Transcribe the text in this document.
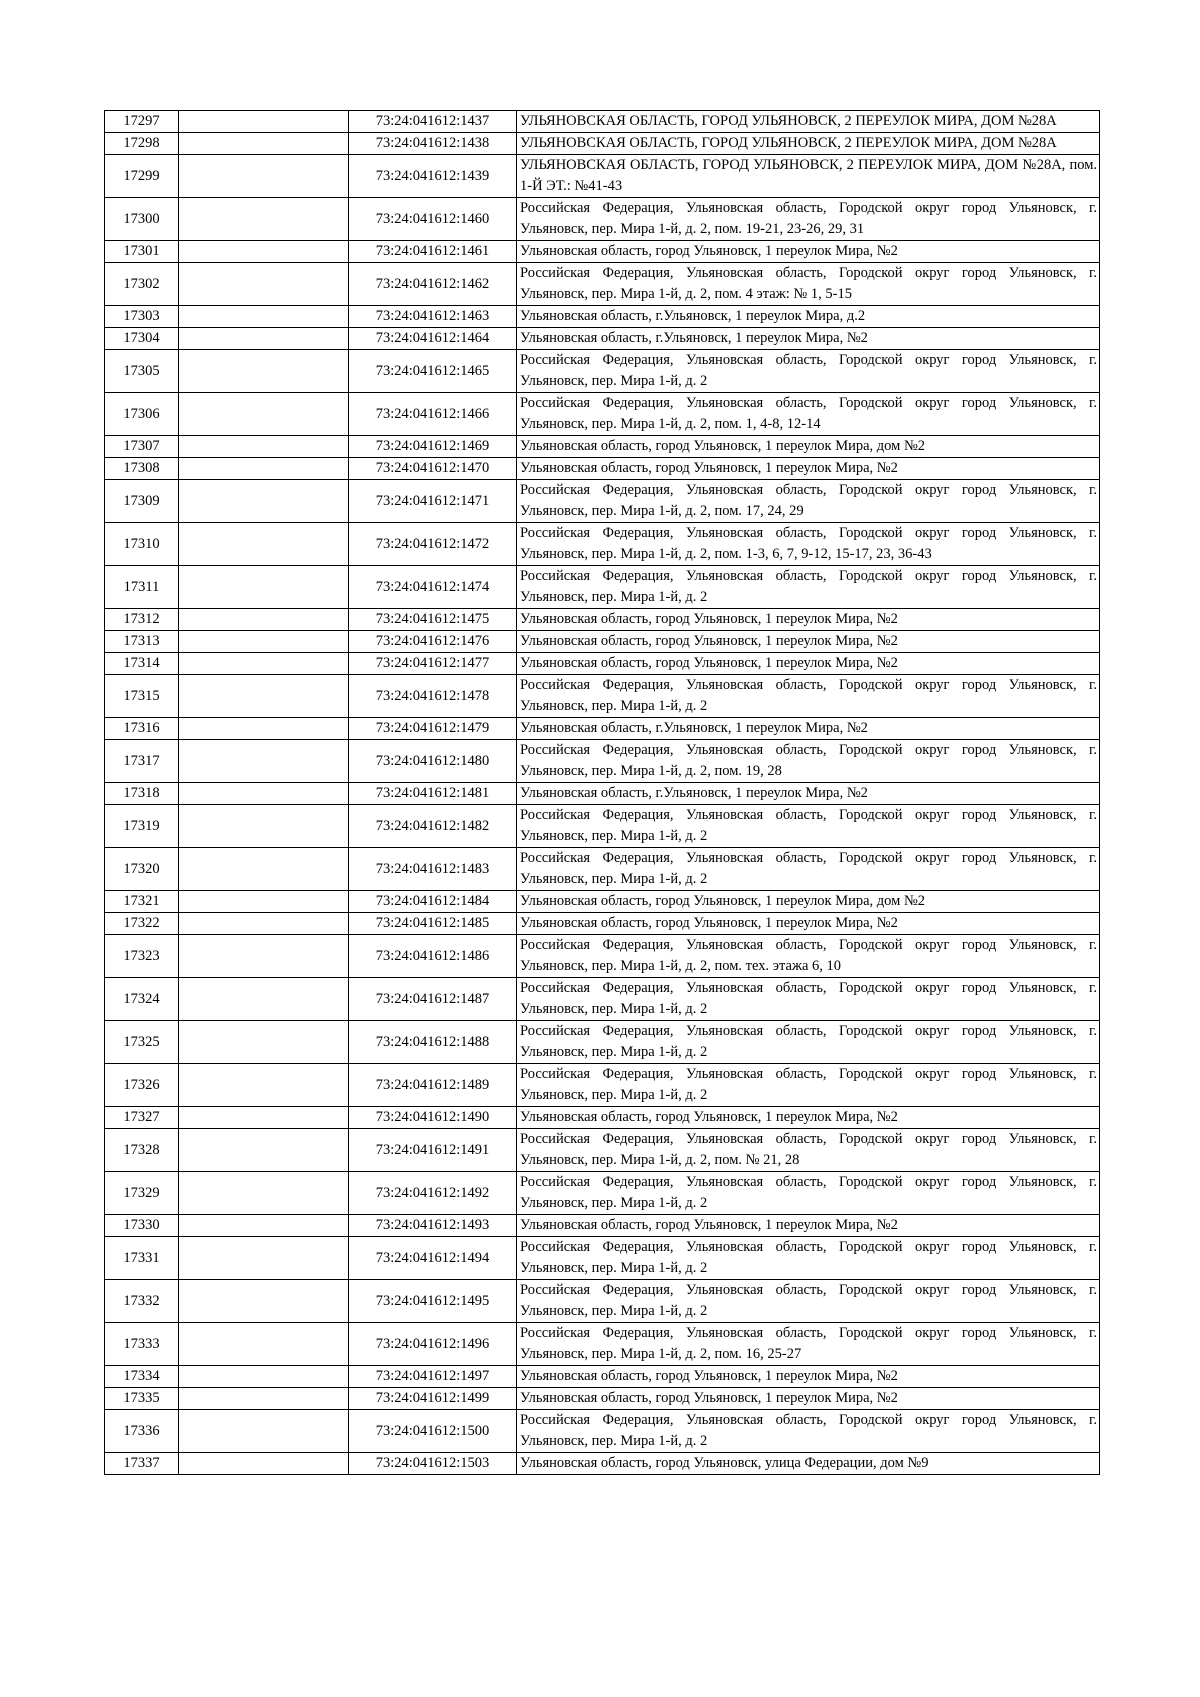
17297		73:24:041612:1437	УЛЬЯНОВСКАЯ ОБЛАСТЬ, ГОРОД УЛЬЯНОВСК, 2 ПЕРЕУЛОК МИРА, ДОМ №28А
17298		73:24:041612:1438	УЛЬЯНОВСКАЯ ОБЛАСТЬ, ГОРОД УЛЬЯНОВСК, 2 ПЕРЕУЛОК МИРА, ДОМ №28А
17299		73:24:041612:1439	УЛЬЯНОВСКАЯ ОБЛАСТЬ, ГОРОД УЛЬЯНОВСК, 2 ПЕРЕУЛОК МИРА, ДОМ №28А, пом. 1-Й ЭТ.: №41-43
17300		73:24:041612:1460	Российская Федерация, Ульяновская область, Городской округ город Ульяновск, г. Ульяновск, пер. Мира 1-й, д. 2, пом. 19-21, 23-26, 29, 31
17301		73:24:041612:1461	Ульяновская область, город Ульяновск, 1 переулок Мира, №2
17302		73:24:041612:1462	Российская Федерация, Ульяновская область, Городской округ город Ульяновск, г. Ульяновск, пер. Мира 1-й, д. 2, пом. 4 этаж: № 1, 5-15
17303		73:24:041612:1463	Ульяновская область, г.Ульяновск, 1 переулок Мира, д.2
17304		73:24:041612:1464	Ульяновская область, г.Ульяновск, 1 переулок Мира, №2
17305		73:24:041612:1465	Российская Федерация, Ульяновская область, Городской округ город Ульяновск, г. Ульяновск, пер. Мира 1-й, д. 2
17306		73:24:041612:1466	Российская Федерация, Ульяновская область, Городской округ город Ульяновск, г. Ульяновск, пер. Мира 1-й, д. 2, пом. 1, 4-8, 12-14
17307		73:24:041612:1469	Ульяновская область, город Ульяновск, 1 переулок Мира, дом №2
17308		73:24:041612:1470	Ульяновская область, город Ульяновск, 1 переулок Мира, №2
17309		73:24:041612:1471	Российская Федерация, Ульяновская область, Городской округ город Ульяновск, г. Ульяновск, пер. Мира 1-й, д. 2, пом. 17, 24, 29
17310		73:24:041612:1472	Российская Федерация, Ульяновская область, Городской округ город Ульяновск, г. Ульяновск, пер. Мира 1-й, д. 2, пом. 1-3, 6, 7, 9-12, 15-17, 23, 36-43
17311		73:24:041612:1474	Российская Федерация, Ульяновская область, Городской округ город Ульяновск, г. Ульяновск, пер. Мира 1-й, д. 2
17312		73:24:041612:1475	Ульяновская область, город Ульяновск, 1 переулок Мира, №2
17313		73:24:041612:1476	Ульяновская область, город Ульяновск, 1 переулок Мира, №2
17314		73:24:041612:1477	Ульяновская область, город Ульяновск, 1 переулок Мира, №2
17315		73:24:041612:1478	Российская Федерация, Ульяновская область, Городской округ город Ульяновск, г. Ульяновск, пер. Мира 1-й, д. 2
17316		73:24:041612:1479	Ульяновская область, г.Ульяновск, 1 переулок Мира, №2
17317		73:24:041612:1480	Российская Федерация, Ульяновская область, Городской округ город Ульяновск, г. Ульяновск, пер. Мира 1-й, д. 2, пом. 19, 28
17318		73:24:041612:1481	Ульяновская область, г.Ульяновск, 1 переулок Мира, №2
17319		73:24:041612:1482	Российская Федерация, Ульяновская область, Городской округ город Ульяновск, г. Ульяновск, пер. Мира 1-й, д. 2
17320		73:24:041612:1483	Российская Федерация, Ульяновская область, Городской округ город Ульяновск, г. Ульяновск, пер. Мира 1-й, д. 2
17321		73:24:041612:1484	Ульяновская область, город Ульяновск, 1 переулок Мира, дом №2
17322		73:24:041612:1485	Ульяновская область, город Ульяновск, 1 переулок Мира, №2
17323		73:24:041612:1486	Российская Федерация, Ульяновская область, Городской округ город Ульяновск, г. Ульяновск, пер. Мира 1-й, д. 2, пом. тех. этажа 6, 10
17324		73:24:041612:1487	Российская Федерация, Ульяновская область, Городской округ город Ульяновск, г. Ульяновск, пер. Мира 1-й, д. 2
17325		73:24:041612:1488	Российская Федерация, Ульяновская область, Городской округ город Ульяновск, г. Ульяновск, пер. Мира 1-й, д. 2
17326		73:24:041612:1489	Российская Федерация, Ульяновская область, Городской округ город Ульяновск, г. Ульяновск, пер. Мира 1-й, д. 2
17327		73:24:041612:1490	Ульяновская область, город Ульяновск, 1 переулок Мира, №2
17328		73:24:041612:1491	Российская Федерация, Ульяновская область, Городской округ город Ульяновск, г. Ульяновск, пер. Мира 1-й, д. 2, пом. № 21, 28
17329		73:24:041612:1492	Российская Федерация, Ульяновская область, Городской округ город Ульяновск, г. Ульяновск, пер. Мира 1-й, д. 2
17330		73:24:041612:1493	Ульяновская область, город Ульяновск, 1 переулок Мира, №2
17331		73:24:041612:1494	Российская Федерация, Ульяновская область, Городской округ город Ульяновск, г. Ульяновск, пер. Мира 1-й, д. 2
17332		73:24:041612:1495	Российская Федерация, Ульяновская область, Городской округ город Ульяновск, г. Ульяновск, пер. Мира 1-й, д. 2
17333		73:24:041612:1496	Российская Федерация, Ульяновская область, Городской округ город Ульяновск, г. Ульяновск, пер. Мира 1-й, д. 2, пом. 16, 25-27
17334		73:24:041612:1497	Ульяновская область, город Ульяновск, 1 переулок Мира, №2
17335		73:24:041612:1499	Ульяновская область, город Ульяновск, 1 переулок Мира, №2
17336		73:24:041612:1500	Российская Федерация, Ульяновская область, Городской округ город Ульяновск, г. Ульяновск, пер. Мира 1-й, д. 2
17337		73:24:041612:1503	Ульяновская область, город Ульяновск, улица Федерации, дом №9
